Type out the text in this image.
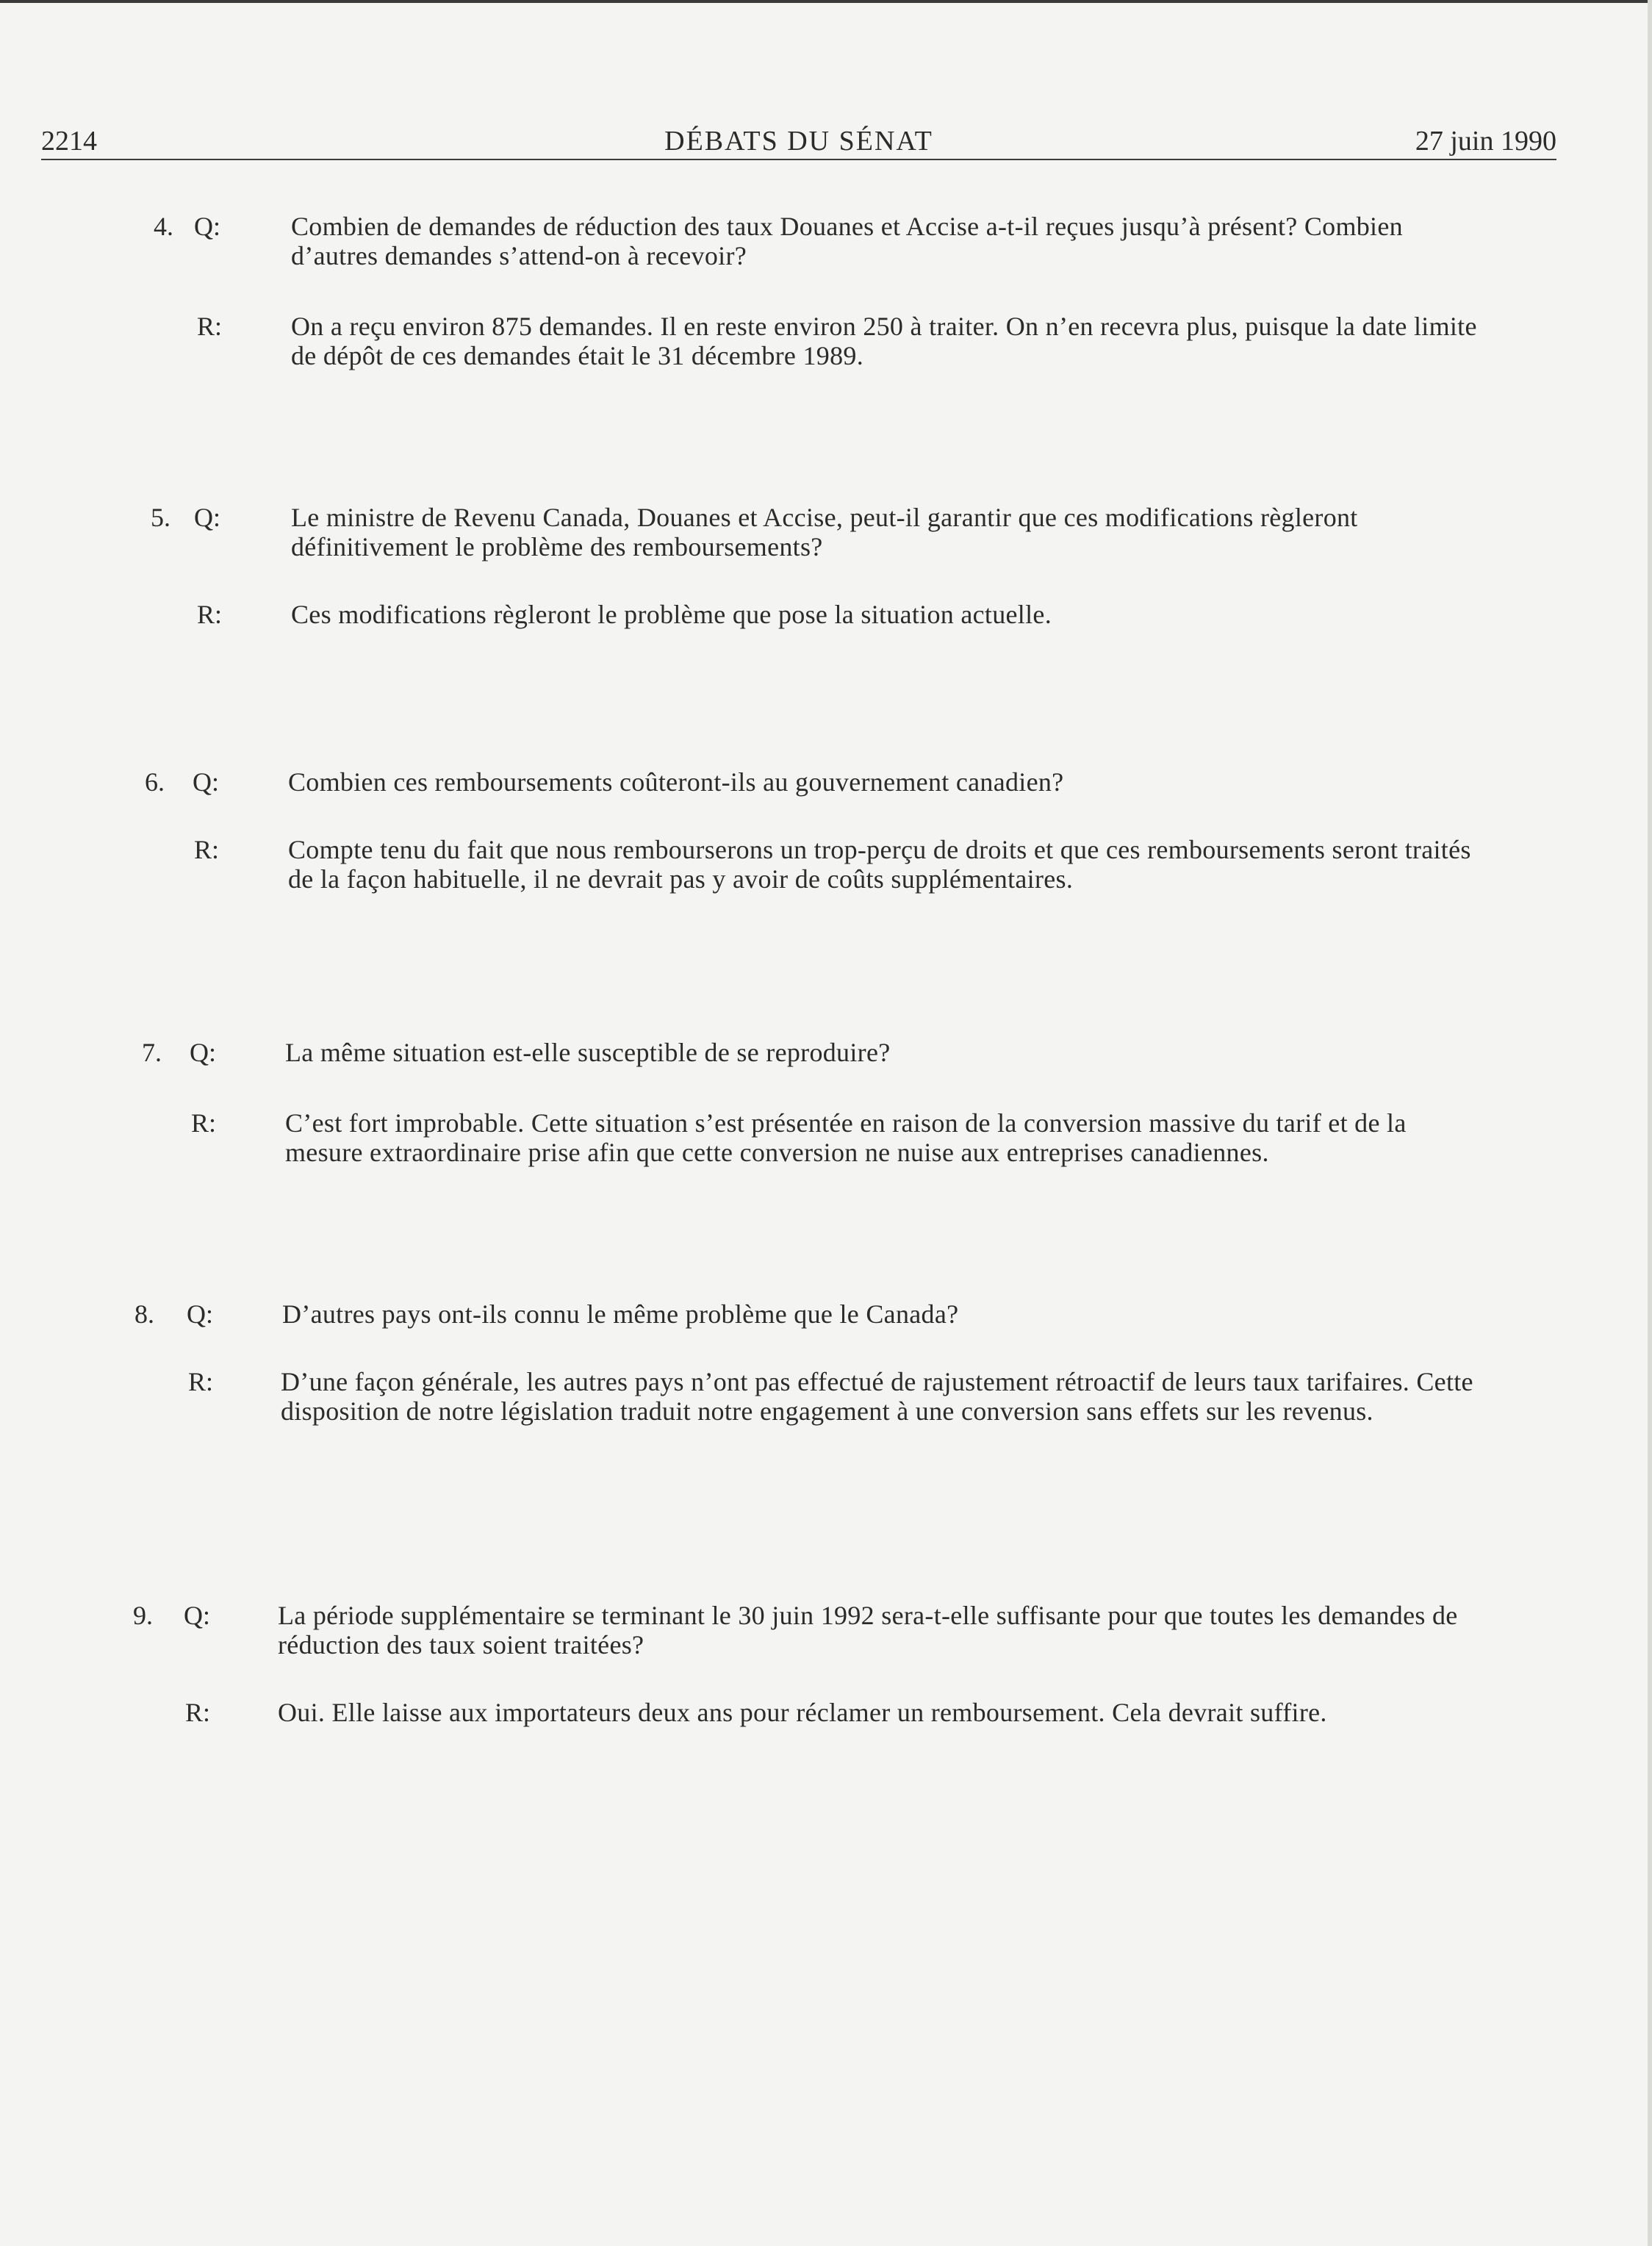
2214	DÉBATS DU SÉNAT	27 juin 1990
4. Q:	Combien de demandes de réduction des taux Douanes et Accise a-t-il reçues jusqu’à présent? Combien d’autres demandes s’attend-on à recevoir?
R:	On a reçu environ 875 demandes. Il en reste environ 250 à traiter. On n’en recevra plus, puisque la date limite de dépôt de ces demandes était le 31 décembre 1989.
5. Q:	Le ministre de Revenu Canada, Douanes et Accise, peut-il garantir que ces modifications règleront définitivement le problème des remboursements?
R:	Ces modifications règleront le problème que pose la situation actuelle.
6. Q:	Combien ces remboursements coûteront-ils au gouvernement canadien?
R:	Compte tenu du fait que nous rembourserons un trop-perçu de droits et que ces remboursements seront traités de la façon habituelle, il ne devrait pas y avoir de coûts supplémentaires.
7. Q:	La même situation est-elle susceptible de se reproduire?
R:	C’est fort improbable. Cette situation s’est présentée en raison de la conversion massive du tarif et de la mesure extraordinaire prise afin que cette conversion ne nuise aux entreprises canadiennes.
8. Q:	D’autres pays ont-ils connu le même problème que le Canada?
R:	D’une façon générale, les autres pays n’ont pas effectué de rajustement rétroactif de leurs taux tarifaires. Cette disposition de notre législation traduit notre engagement à une conversion sans effets sur les revenus.
9. Q:	La période supplémentaire se terminant le 30 juin 1992 sera-t-elle suffisante pour que toutes les demandes de réduction des taux soient traitées?
R:	Oui. Elle laisse aux importateurs deux ans pour réclamer un remboursement. Cela devrait suffire.
